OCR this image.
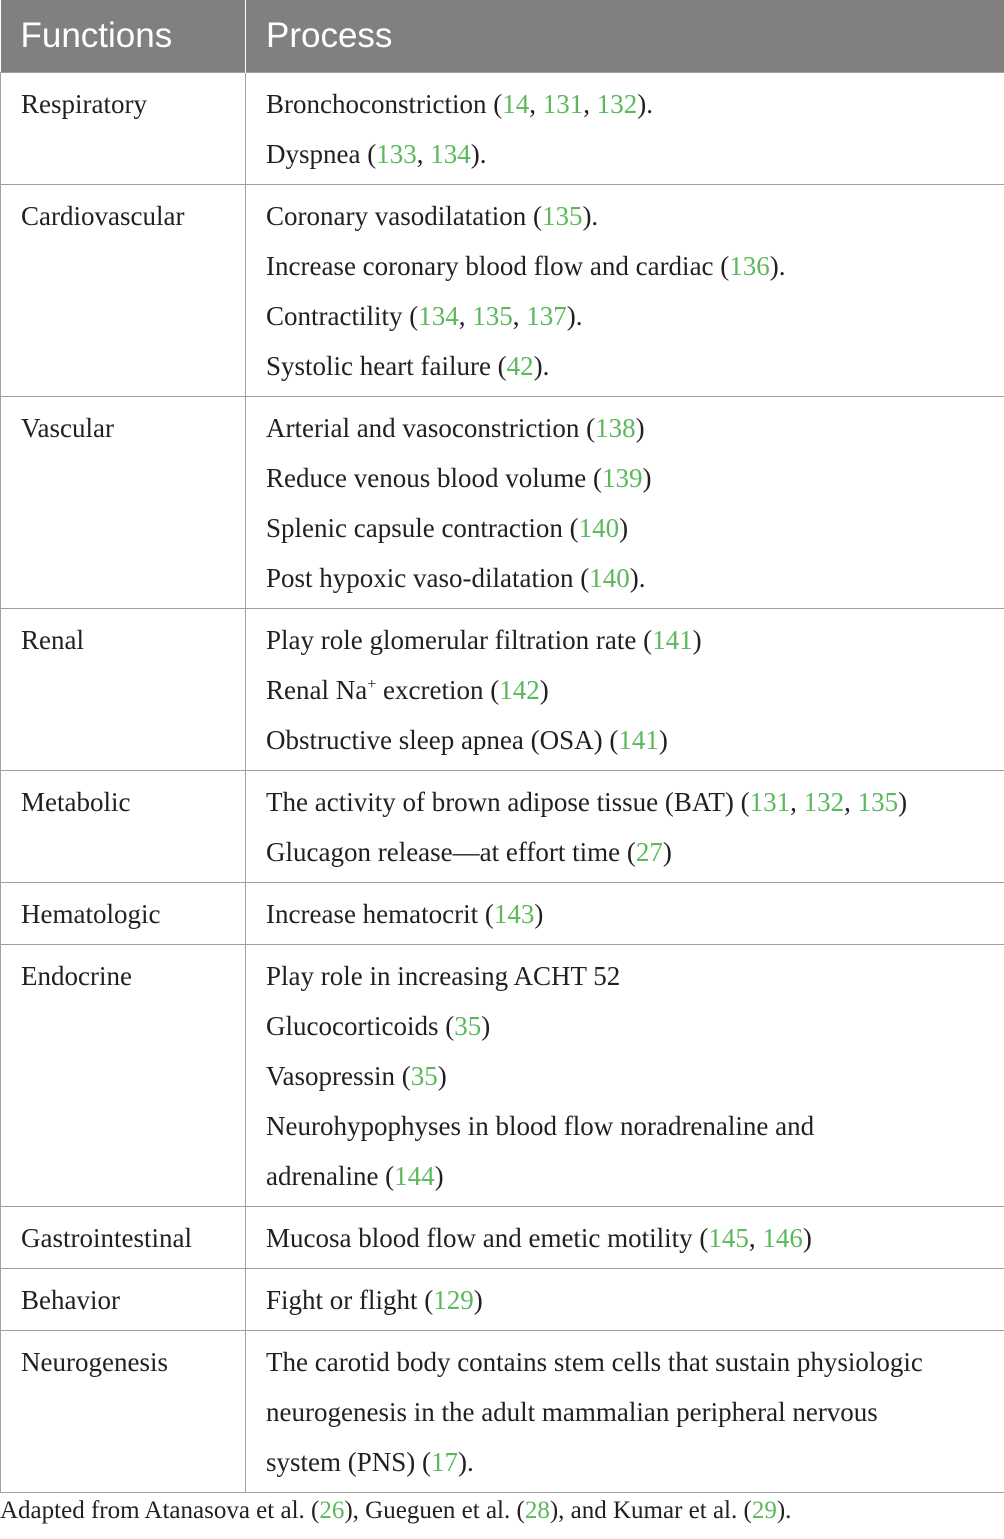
Functions	Process
Respiratory	Bronchoconstriction (14, 131, 132).
Dyspnea (133, 134).

Cardiovascular	Coronary vasodilatation (135).
Increase coronary blood flow and cardiac (136).
Contractility (134, 135, 137).
Systolic heart failure (42).

Vascular	Arterial and vasoconstriction (138)
Reduce venous blood volume (139)
Splenic capsule contraction (140)
Post hypoxic vaso-dilatation (140).

Renal	Play role glomerular filtration rate (141)
Renal Na+ excretion (142)
Obstructive sleep apnea (OSA) (141)

Metabolic	The activity of brown adipose tissue (BAT) (131, 132, 135)
Glucagon release—at effort time (27)

Hematologic	Increase hematocrit (143)

Endocrine	Play role in increasing ACHT 52
Glucocorticoids (35)
Vasopressin (35)
Neurohypophyses in blood flow noradrenaline and
adrenaline (144)

Gastrointestinal	Mucosa blood flow and emetic motility (145, 146)

Behavior	Fight or flight (129)

Neurogenesis	The carotid body contains stem cells that sustain physiologic
neurogenesis in the adult mammalian peripheral nervous
system (PNS) (17).
Adapted from Atanasova et al. (26), Gueguen et al. (28), and Kumar et al. (29).
